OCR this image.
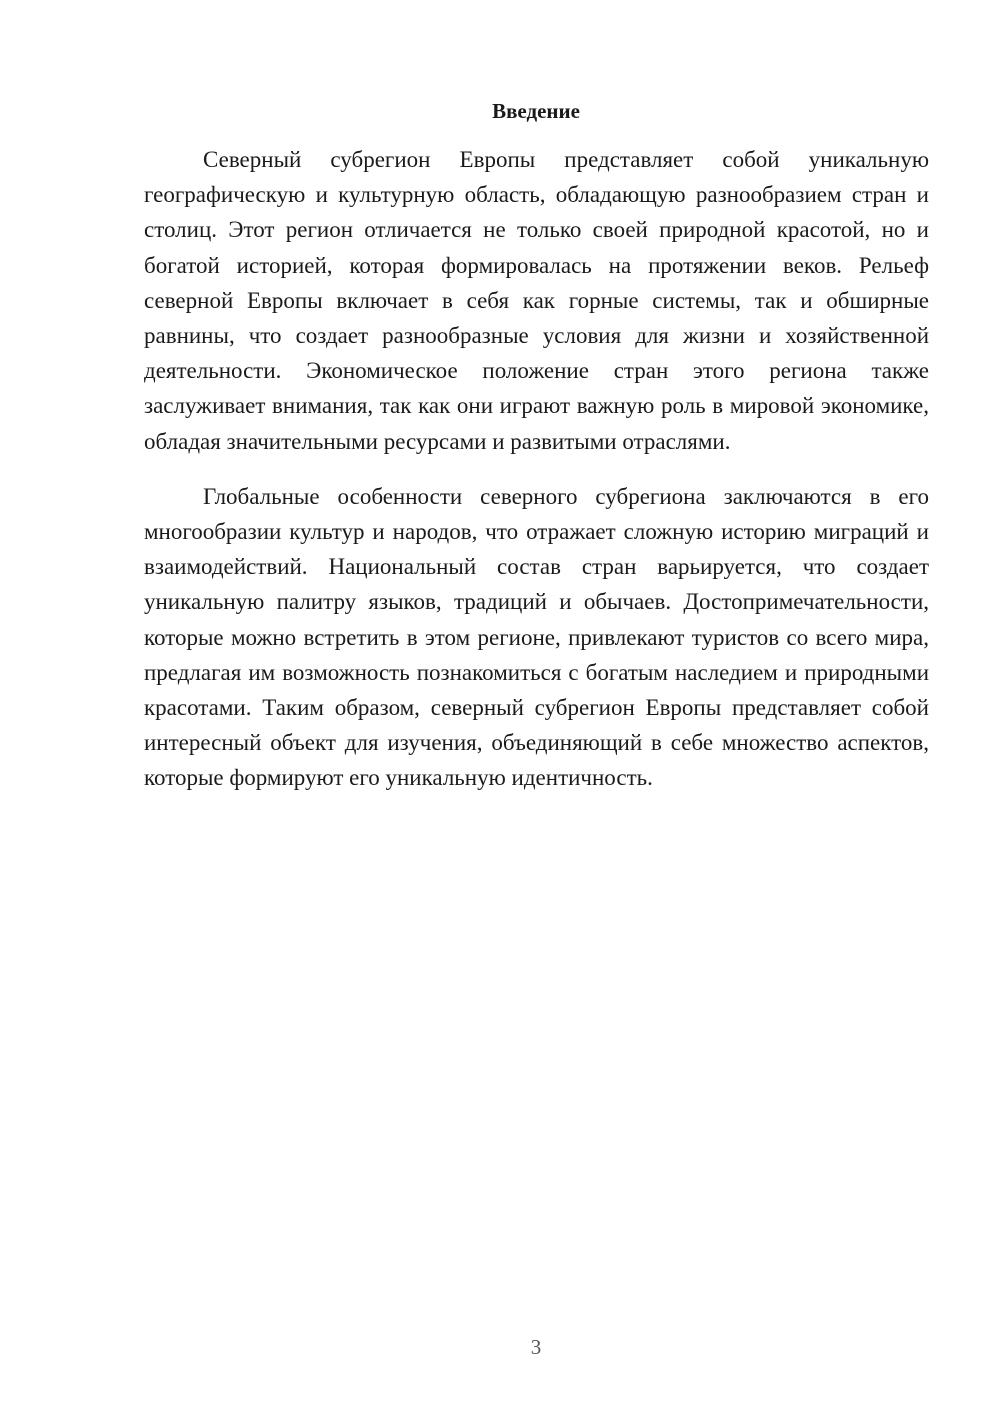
Введение

Северный субрегион Европы представляет собой уникальную географическую и культурную область, обладающую разнообразием стран и столиц. Этот регион отличается не только своей природной красотой, но и богатой историей, которая формировалась на протяжении веков. Рельеф северной Европы включает в себя как горные системы, так и обширные равнины, что создает разнообразные условия для жизни и хозяйственной деятельности. Экономическое положение стран этого региона также заслуживает внимания, так как они играют важную роль в мировой экономике, обладая значительными ресурсами и развитыми отраслями.

Глобальные особенности северного субрегиона заключаются в его многообразии культур и народов, что отражает сложную историю миграций и взаимодействий. Национальный состав стран варьируется, что создает уникальную палитру языков, традиций и обычаев. Достопримечательности, которые можно встретить в этом регионе, привлекают туристов со всего мира, предлагая им возможность познакомиться с богатым наследием и природными красотами. Таким образом, северный субрегион Европы представляет собой интересный объект для изучения, объединяющий в себе множество аспектов, которые формируют его уникальную идентичность.

3
